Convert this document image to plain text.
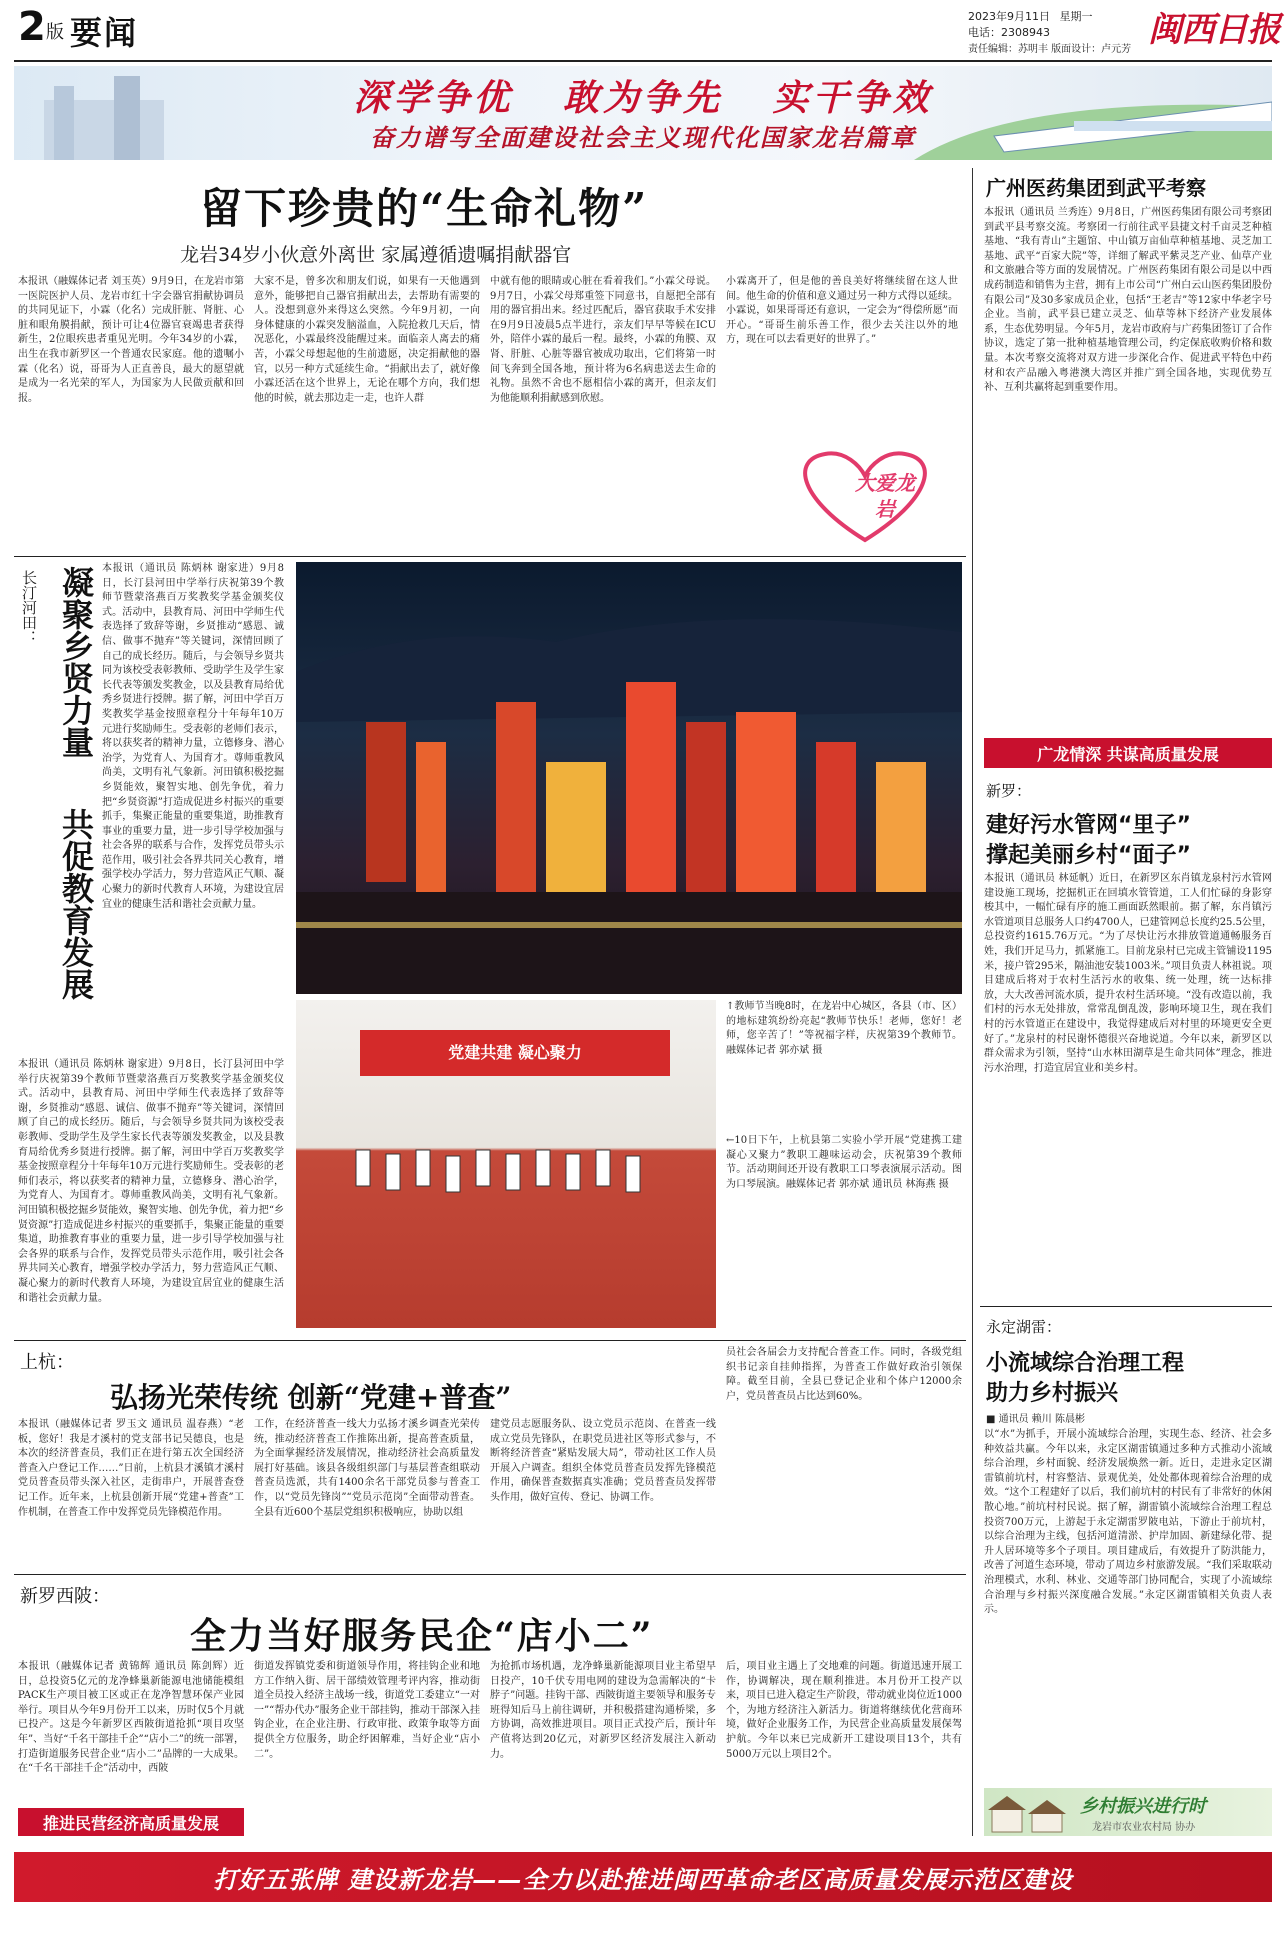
2 版 要闻	2023年9月11日 星期一
电话：2308943
责任编辑：苏明丰 版面设计：卢元芳 闽西日报
深学争优   敢为争先   实干争效
奋力谱写全面建设社会主义现代化国家龙岩篇章
留下珍贵的“生命礼物”
龙岩34岁小伙意外离世 家属遵循遗嘱捐献器官
本报讯（融媒体记者 刘玉英）9月9日，在龙岩市第一医院医护人员、龙岩市红十字会器官捐献协调员的共同见证下，小霖（化名）完成肝脏、肾脏、心脏和眼角膜捐献，预计可让4位器官衰竭患者获得新生，2位眼疾患者重见光明。今年34岁的小霖，出生在我市新罗区一个普通农民家庭。他的遗嘱小霖（化名）说，哥哥为人正直善良，最大的愿望就是成为一名光荣的军人，为国家为人民做贡献和回报。
大家不是，曾多次和朋友们说，如果有一天他遇到意外，能够把自己器官捐献出去，去帮助有需要的人。没想到意外来得这么突然。今年9月初，一向身体健康的小霖突发脑溢血，入院抢救几天后，情况恶化，小霖最终没能醒过来。面临亲人离去的痛苦，小霖父母想起他的生前遗愿，决定捐献他的器官，以另一种方式延续生命。“捐献出去了，就好像小霖还活在这个世界上，无论在哪个方向，我们想他的时候，就去那边走一走，也许人群
中就有他的眼睛或心脏在看着我们。”小霖父母说。9月7日，小霖父母郑重签下同意书，自愿把全部有用的器官捐出来。经过匹配后，器官获取手术安排在9月9日凌晨5点半进行，亲友们早早等候在ICU外，陪伴小霖的最后一程。最终，小霖的角膜、双肾、肝脏、心脏等器官被成功取出，它们将第一时间飞奔到全国各地，预计将为6名病患送去生命的礼物。虽然不舍也不愿相信小霖的离开，但亲友们为他能顺利捐献感到欣慰。
小霖离开了，但是他的善良美好将继续留在这人世间。他生命的价值和意义通过另一种方式得以延续。小霖说，如果哥哥还有意识，一定会为“得偿所愿”而开心。“哥哥生前乐善工作，很少去关注以外的地方，现在可以去看更好的世界了。”
大爱龙岩
长汀河田： 凝聚乡贤力量
共促教育发展
本报讯（通讯员 陈炳林 谢家进）9月8日，长汀县河田中学举行庆祝第39个教师节暨蒙洛燕百万奖教奖学基金颁奖仪式。活动中，县教育局、河田中学师生代表选择了致辞等谢，乡贤推动“感恩、诚信、做事不抛弃”等关键词，深情回顾了自己的成长经历。随后，与会领导乡贤共同为该校受表彰教师、受助学生及学生家长代表等颁发奖教金，以及县教育局给优秀乡贤进行授牌。据了解，河田中学百万奖教奖学基金按照章程分十年每年10万元进行奖励师生。受表彰的老师们表示，将以获奖者的精神力量，立德修身、潜心治学，为党育人、为国育才。尊师重教风尚美，文明有礼气象新。河田镇积极挖掘乡贤能效，聚智实地、创先争优，着力把“乡贤资源”打造成促进乡村振兴的重要抓手，集聚正能量的重要集道，助推教育事业的重要力量，进一步引导学校加强与社会各界的联系与合作，发挥党员带头示范作用，吸引社会各界共同关心教育，增强学校办学活力，努力营造风正气顺、凝心聚力的新时代教育人环境，为建设宜居宜业的健康生活和谐社会贡献力量。
本报讯（通讯员 陈炳林 谢家进）9月8日，长汀县河田中学举行庆祝第39个教师节暨蒙洛燕百万奖教奖学基金颁奖仪式。活动中，县教育局、河田中学师生代表选择了致辞等谢，乡贤推动“感恩、诚信、做事不抛弃”等关键词，深情回顾了自己的成长经历。随后，与会领导乡贤共同为该校受表彰教师、受助学生及学生家长代表等颁发奖教金，以及县教育局给优秀乡贤进行授牌。据了解，河田中学百万奖教奖学基金按照章程分十年每年10万元进行奖励师生。受表彰的老师们表示，将以获奖者的精神力量，立德修身、潜心治学，为党育人、为国育才。尊师重教风尚美，文明有礼气象新。河田镇积极挖掘乡贤能效，聚智实地、创先争优，着力把“乡贤资源”打造成促进乡村振兴的重要抓手，集聚正能量的重要集道，助推教育事业的重要力量，进一步引导学校加强与社会各界的联系与合作，发挥党员带头示范作用，吸引社会各界共同关心教育，增强学校办学活力，努力营造风正气顺、凝心聚力的新时代教育人环境，为建设宜居宜业的健康生活和谐社会贡献力量。
党建共建 凝心聚力
↑教师节当晚8时，在龙岩中心城区，各县（市、区）的地标建筑纷纷亮起“教师节快乐！老师，您好！老师，您辛苦了！”等祝福字样，庆祝第39个教师节。融媒体记者 郭亦斌 摄
←10日下午，上杭县第二实验小学开展“党建携工建 凝心又聚力”教职工趣味运动会，庆祝第39个教师节。活动期间还开设有教职工口琴表演展示活动。图为口琴展演。融媒体记者 郭亦斌 通讯员 林海燕 摄
上杭：
弘扬光荣传统 创新“党建+普查”
本报讯（融媒体记者 罗玉文 通讯员 温春燕）“老板，您好！我是才溪村的党支部书记吴德良，也是本次的经济普查员，我们正在进行第五次全国经济普查入户登记工作……”日前，上杭县才溪镇才溪村党员普查员带头深入社区，走街串户，开展普查登记工作。近年来，上杭县创新开展“党建+普查”工作机制，在普查工作中发挥党员先锋模范作用。
工作，在经济普查一线大力弘扬才溪乡调查光荣传统，推动经济普查工作推陈出新，提高普查质量，为全面掌握经济发展情况，推动经济社会高质量发展打好基础。该县各级组织部门与基层普查组联动普查员选派，共有1400余名干部党员参与普查工作，以“党员先锋岗”“党员示范岗”全面带动普查。全县有近600个基层党组织积极响应，协助以组
建党员志愿服务队、设立党员示范岗、在普查一线成立党员先锋队，在职党员进社区等形式参与，不断将经济普查“紧贴发展大局”，带动社区工作人员开展入户调查。组织全体党员普查员发挥先锋模范作用，确保普查数据真实准确；党员普查员发挥带头作用，做好宣传、登记、协调工作。
员社会各届会力支持配合普查工作。同时，各级党组织书记亲自挂帅指挥，为普查工作做好政治引领保障。截至目前，全县已登记企业和个体户12000余户，党员普查员占比达到60%。
新罗西陂：
全力当好服务民企“店小二”
本报讯（融媒体记者 黄锦辉 通讯员 陈剑辉）近日，总投资5亿元的龙净蜂巢新能源电池储能模组PACK生产项目被工区或正在龙净智慧环保产业园举行。项目从今年9月份开工以来，历时仅5个月就已投产。这是今年新罗区西陂街道抢抓“项目攻坚年”、当好“千名干部挂千企”“店小二”的统一部署，打造街道服务民营企业“店小二”品牌的一大成果。在“千名干部挂千企”活动中，西陂
街道发挥镇党委和街道领导作用，将挂钩企业和地方工作纳入街、居干部绩效管理考评内容，推动街道全员投入经济主战场一线，街道党工委建立“一对一”“帮办代办”服务企业干部挂钩，推动干部深入挂钩企业，在企业注册、行政审批、政策争取等方面提供全方位服务，助企纾困解难，当好企业“店小二”。
为抢抓市场机遇，龙净蜂巢新能源项目业主希望早日投产，10千伏专用电网的建设为急需解决的“卡脖子”问题。挂钩干部、西陂街道主要领导和服务专班得知后马上前往调研，并积极搭建沟通桥梁，多方协调，高效推进项目。项目正式投产后，预计年产值将达到20亿元，对新罗区经济发展注入新动力。
后，项目业主遇上了交地难的问题。街道迅速开展工作，协调解决，现在顺利推进。本月份开工投产以来，项目已进入稳定生产阶段，带动就业岗位近1000个，为地方经济注入新活力。街道将继续优化营商环境，做好企业服务工作，为民营企业高质量发展保驾护航。今年以来已完成新开工建设项目13个，共有5000万元以上项目2个。
推进民营经济高质量发展
广州医药集团到武平考察
本报讯（通讯员 兰秀连）9月8日，广州医药集团有限公司考察团到武平县考察交流。考察团一行前往武平县捷文村千亩灵芝种植基地、“我有青山”主题馆、中山镇万亩仙草种植基地、灵芝加工基地、武平“百家大院”等，详细了解武平紫灵芝产业、仙草产业和文旅融合等方面的发展情况。广州医药集团有限公司是以中西成药制造和销售为主营，拥有上市公司“广州白云山医药集团股份有限公司”及30多家成员企业，包括“王老吉”等12家中华老字号企业。当前，武平县已建立灵芝、仙草等林下经济产业发展体系，生态优势明显。今年5月，龙岩市政府与广药集团签订了合作协议，选定了第一批种植基地管理公司，约定保底收购价格和数量。本次考察交流将对双方进一步深化合作、促进武平特色中药材和农产品融入粤港澳大湾区并推广到全国各地，实现优势互补、互利共赢将起到重要作用。
广龙情深 共谋高质量发展
新罗：
建好污水管网“里子”
撑起美丽乡村“面子”
本报讯（通讯员 林延帆）近日，在新罗区东肖镇龙泉村污水管网建设施工现场，挖掘机正在回填水管管道，工人们忙碌的身影穿梭其中，一幅忙碌有序的施工画面跃然眼前。据了解，东肖镇污水管道项目总服务人口约4700人，已建管网总长度约25.5公里，总投资约1615.76万元。“为了尽快让污水排放管道通畅服务百姓，我们开足马力，抓紧施工。目前龙泉村已完成主管铺设1195米，接户管295米，隔油池安装1003米。”项目负责人林祖说。项目建成后将对于农村生活污水的收集、统一处理，统一达标排放，大大改善河流水质，提升农村生活环境。“没有改造以前，我们村的污水无处排放，常常乱倒乱泼，影响环境卫生，现在我们村的污水管道正在建设中，我觉得建成后对村里的环境更安全更好了。”龙泉村的村民谢怀德很兴奋地说道。今年以来，新罗区以群众需求为引领，坚持“山水林田湖草是生命共同体”理念，推进污水治理，打造宜居宜业和美乡村。
永定湖雷：
小流域综合治理工程
助力乡村振兴
■ 通讯员 赖川 陈晨彬
以“水”为抓手，开展小流域综合治理，实现生态、经济、社会多种效益共赢。今年以来，永定区湖雷镇通过多种方式推动小流域综合治理，乡村面貌、经济发展焕然一新。近日，走进永定区湖雷镇前坑村，村容整洁、景观优美，处处都体现着综合治理的成效。“这个工程建好了以后，我们前坑村的村民有了非常好的休闲散心地。”前坑村村民说。据了解，湖雷镇小流域综合治理工程总投资700万元，上游起于永定湖雷罗陂电站，下游止于前坑村，以综合治理为主线，包括河道清淤、护岸加固、新建绿化带、提升人居环境等多个子项目。项目建成后，有效提升了防洪能力，改善了河道生态环境，带动了周边乡村旅游发展。“我们采取联动治理模式，水利、林业、交通等部门协同配合，实现了小流域综合治理与乡村振兴深度融合发展。”永定区湖雷镇相关负责人表示。
乡村振兴进行时
龙岩市农业农村局 协办
打好五张牌 建设新龙岩——全力以赴推进闽西革命老区高质量发展示范区建设
